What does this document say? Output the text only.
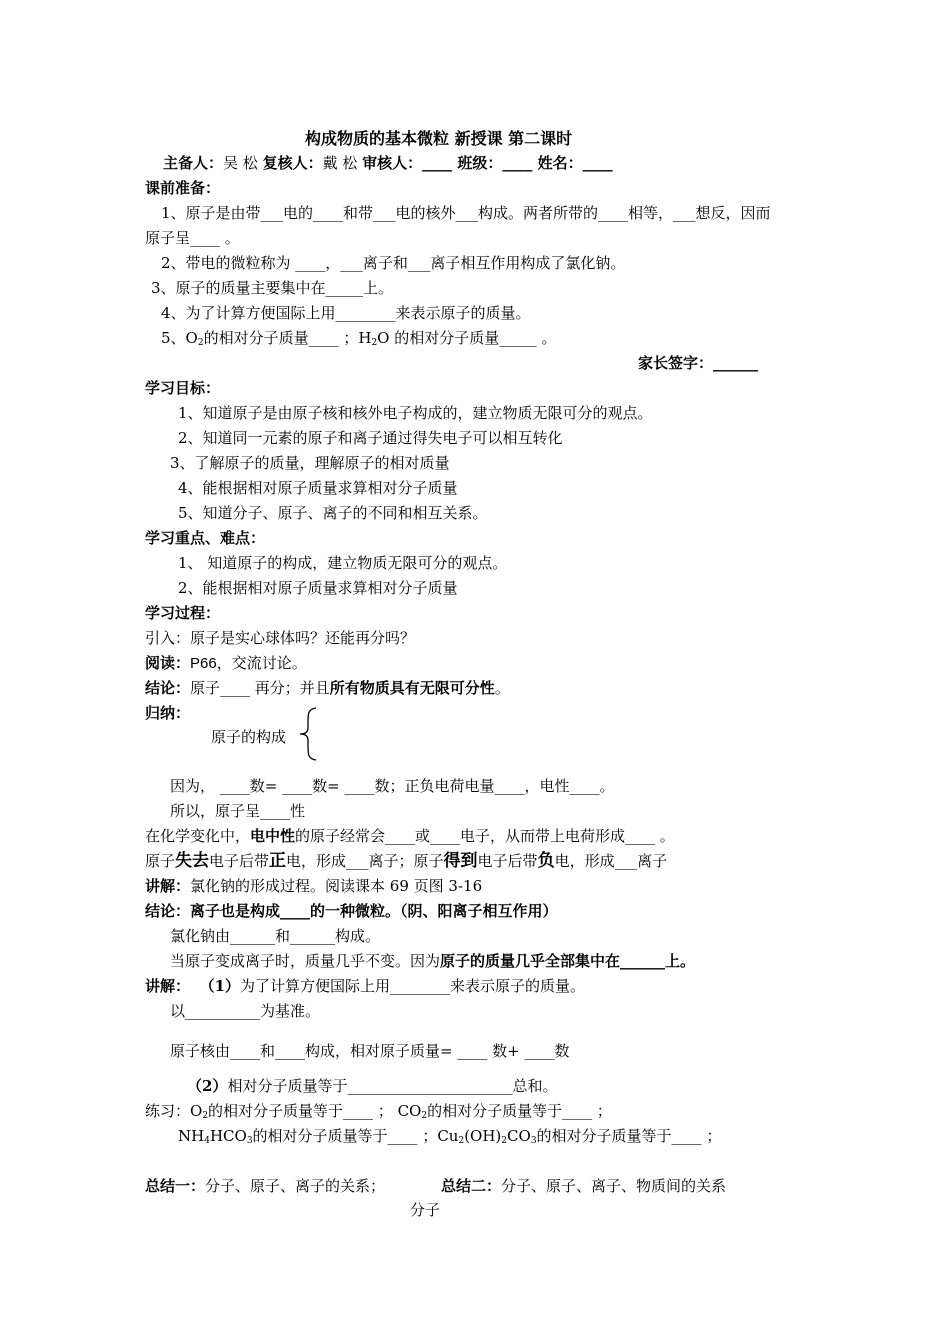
构成物质的基本微粒 新授课 第二课时
主备人：吴 松 复核人：戴 松 审核人：____ 班级：____ 姓名：____
课前准备：
1、原子是由带___电的____和带___电的核外___构成。两者所带的____相等，___想反，因而
原子呈____ 。
2、带电的微粒称为 ____，___离子和___离子相互作用构成了氯化钠。
3、原子的质量主要集中在_____上。
4、为了计算方便国际上用________来表示原子的质量。
5、$O_2$的相对分子质量____ ；$H_2O$ 的相对分子质量_____ 。
家长签字：______
学习目标：
1、知道原子是由原子核和核外电子构成的，建立物质无限可分的观点。
2、知道同一元素的原子和离子通过得失电子可以相互转化
3、了解原子的质量，理解原子的相对质量
4、能根据相对原子质量求算相对分子质量
5、知道分子、原子、离子的不同和相互关系。
学习重点、难点：
1、 知道原子的构成，建立物质无限可分的观点。
2、能根据相对原子质量求算相对分子质量
学习过程：
引入：原子是实心球体吗？还能再分吗？
阅读：P66，交流讨论。
结论：原子____ 再分；并且所有物质具有无限可分性。
归纳：
原子的构成
因为， ____数= ____数= ____数；正负电荷电量____，电性____。
所以，原子呈____性
在化学变化中，电中性的原子经常会____或____电子，从而带上电荷形成____ 。
原子失去电子后带正电，形成___离子；原子得到电子后带负电，形成___离子
讲解：氯化钠的形成过程。阅读课本 69 页图 3-16
结论：离子也是构成____的一种微粒。（阴、阳离子相互作用）
氯化钠由______和______构成。
当原子变成离子时，质量几乎不变。因为原子的质量几乎全部集中在______上。
讲解： （1）为了计算方便国际上用________来表示原子的质量。
以__________为基准。
原子核由____和____构成，相对原子质量= ____ 数+ ____数
（2）相对分子质量等于______________________总和。
练习：$O_2$的相对分子质量等于____ ； $CO_2$的相对分子质量等于____ ；
$NH_4HCO_3$的相对分子质量等于____ ；$Cu_2(OH)_2CO_3$的相对分子质量等于____ ；
总结一：分子、原子、离子的关系；	总结二：分子、原子、离子、物质间的关系
分子
